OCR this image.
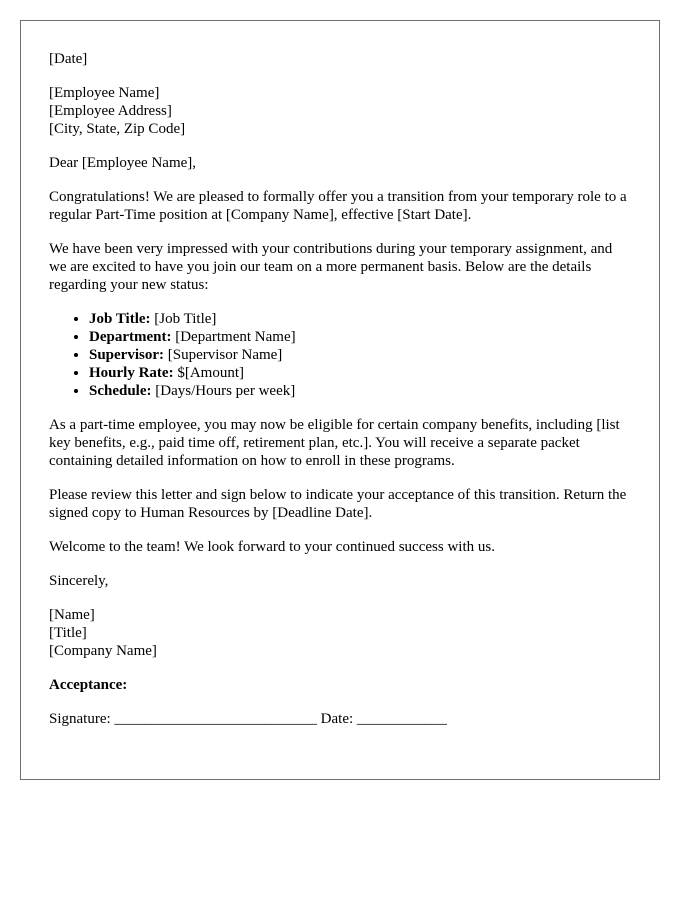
[Date]

[Employee Name]

[Employee Address]

[City, State, Zip Code]

Dear [Employee Name],

Congratulations! We are pleased to formally offer you a transition from your temporary role to a regular Part-Time position at [Company Name], effective [Start Date].

We have been very impressed with your contributions during your temporary assignment, and we are excited to have you join our team on a more permanent basis. Below are the details regarding your new status:

• Job Title: [Job Title]
• Department: [Department Name]
• Supervisor: [Supervisor Name]
• Hourly Rate: $[Amount]
• Schedule: [Days/Hours per week]

As a part-time employee, you may now be eligible for certain company benefits, including [list key benefits, e.g., paid time off, retirement plan, etc.]. You will receive a separate packet containing detailed information on how to enroll in these programs.

Please review this letter and sign below to indicate your acceptance of this transition. Return the signed copy to Human Resources by [Deadline Date].

Welcome to the team! We look forward to your continued success with us.

Sincerely,

[Name]

[Title]

[Company Name]

Acceptance:

Signature: ___________________________ Date: ____________
